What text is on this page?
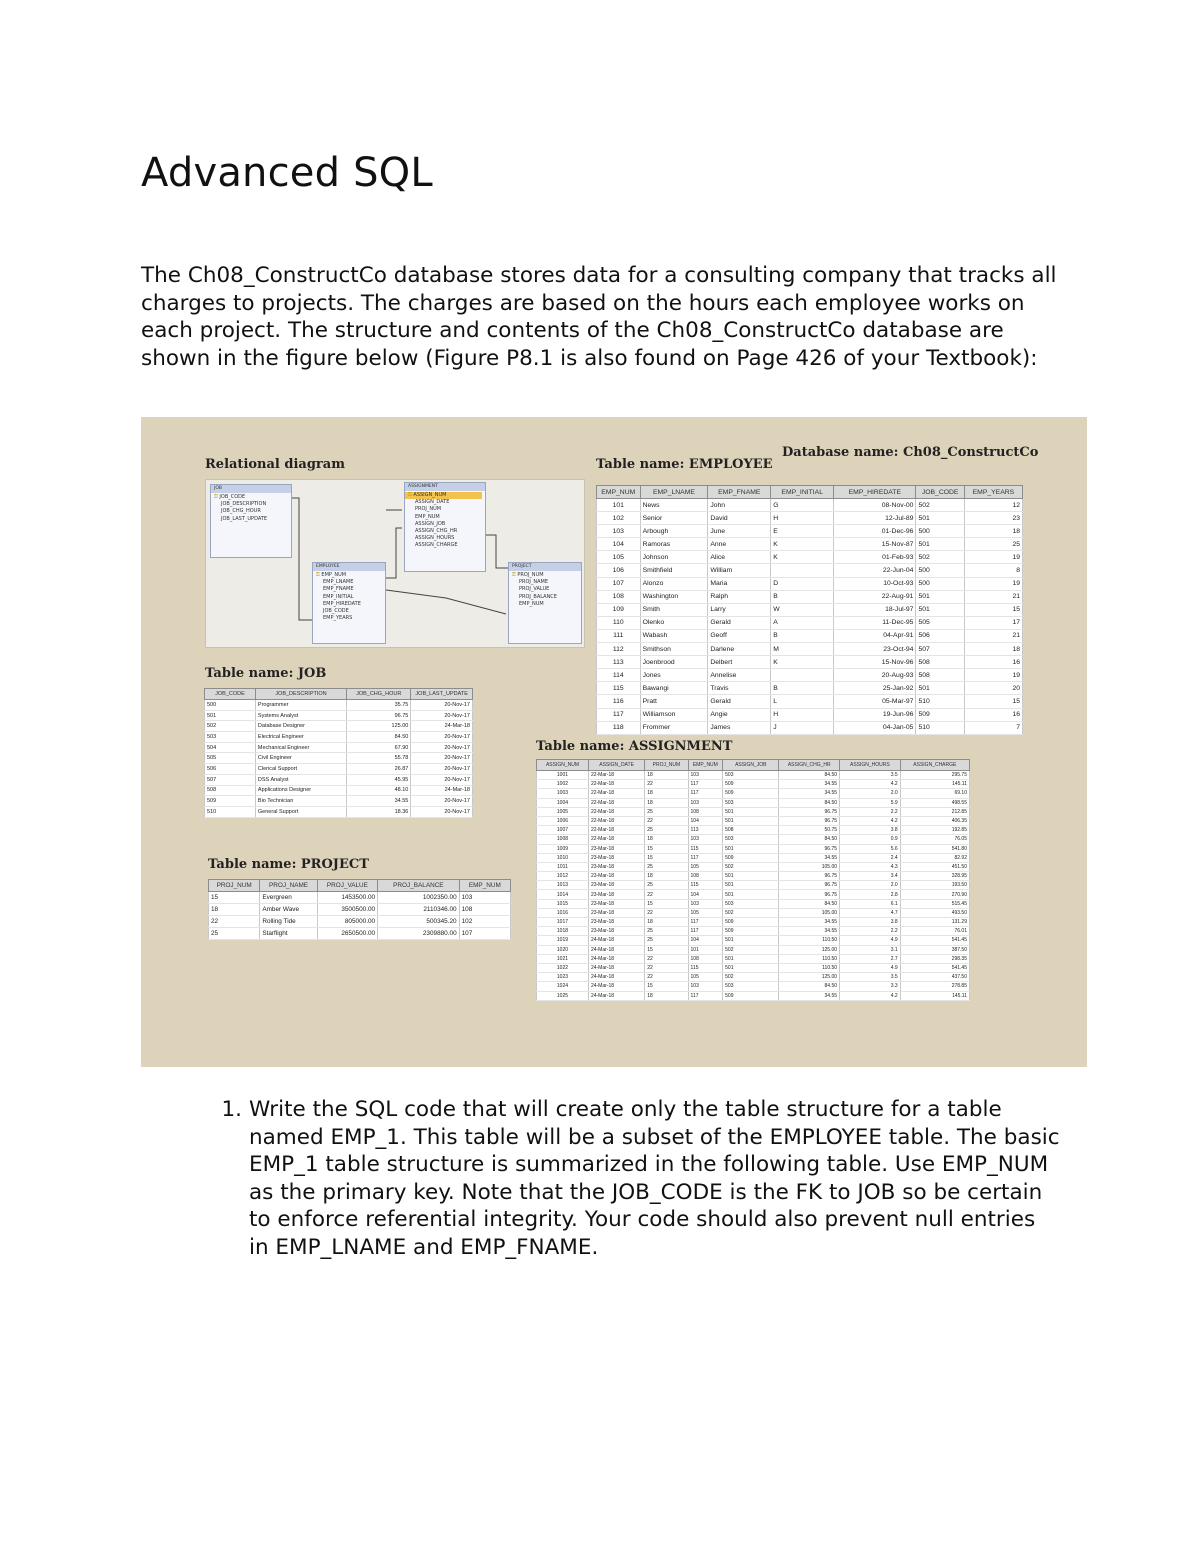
Advanced SQL

The Ch08_ConstructCo database stores data for a consulting company that tracks all charges to projects. The charges are based on the hours each employee works on each project. The structure and contents of the Ch08_ConstructCo database are shown in the figure below (Figure P8.1 is also found on Page 426 of your Textbook):

Relational diagram
Database name: Ch08_ConstructCo
Table name: EMPLOYEE
Table name: JOB
Table name: PROJECT
Table name: ASSIGNMENT
JOB
⚿ JOB_CODE
JOB_DESCRIPTION
JOB_CHG_HOUR
JOB_LAST_UPDATE
EMPLOYEE
⚿ EMP_NUM
EMP_LNAME
EMP_FNAME
EMP_INITIAL
EMP_HIREDATE
JOB_CODE
EMP_YEARS
ASSIGNMENT
⚿ ASSIGN_NUM
ASSIGN_DATE
PROJ_NUM
EMP_NUM
ASSIGN_JOB
ASSIGN_CHG_HR
ASSIGN_HOURS
ASSIGN_CHARGE
PROJECT
⚿ PROJ_NUM
PROJ_NAME
PROJ_VALUE
PROJ_BALANCE
EMP_NUM
EMP_NUM	EMP_LNAME	EMP_FNAME	EMP_INITIAL	EMP_HIREDATE	JOB_CODE	EMP_YEARS
101	News	John	G	08-Nov-00	502	12
102	Senior	David	H	12-Jul-89	501	23
103	Arbough	June	E	01-Dec-96	500	18
104	Ramoras	Anne	K	15-Nov-87	501	25
105	Johnson	Alice	K	01-Feb-93	502	19
106	Smithfield	William		22-Jun-04	500	8
107	Alonzo	Maria	D	10-Oct-93	500	19
108	Washington	Ralph	B	22-Aug-91	501	21
109	Smith	Larry	W	18-Jul-97	501	15
110	Olenko	Gerald	A	11-Dec-95	505	17
111	Wabash	Geoff	B	04-Apr-91	506	21
112	Smithson	Darlene	M	23-Oct-94	507	18
113	Joenbrood	Delbert	K	15-Nov-96	508	16
114	Jones	Annelise		20-Aug-93	508	19
115	Bawangi	Travis	B	25-Jan-92	501	20
116	Pratt	Gerald	L	05-Mar-97	510	15
117	Williamson	Angie	H	19-Jun-96	509	16
118	Frommer	James	J	04-Jan-05	510	7
JOB_CODE	JOB_DESCRIPTION	JOB_CHG_HOUR	JOB_LAST_UPDATE
500	Programmer	35.75	20-Nov-17
501	Systems Analyst	96.75	20-Nov-17
502	Database Designer	125.00	24-Mar-18
503	Electrical Engineer	84.50	20-Nov-17
504	Mechanical Engineer	67.90	20-Nov-17
505	Civil Engineer	55.78	20-Nov-17
506	Clerical Support	26.87	20-Nov-17
507	DSS Analyst	45.95	20-Nov-17
508	Applications Designer	48.10	24-Mar-18
509	Bio Technician	34.55	20-Nov-17
510	General Support	18.36	20-Nov-17
PROJ_NUM	PROJ_NAME	PROJ_VALUE	PROJ_BALANCE	EMP_NUM
15	Evergreen	1453500.00	1002350.00	103
18	Amber Wave	3500500.00	2110346.00	108
22	Rolling Tide	805000.00	500345.20	102
25	Starflight	2650500.00	2309880.00	107
ASSIGN_NUM	ASSIGN_DATE	PROJ_NUM	EMP_NUM	ASSIGN_JOB	ASSIGN_CHG_HR	ASSIGN_HOURS	ASSIGN_CHARGE
1001	22-Mar-18	18	103	503	84.50	3.5	295.75
1002	22-Mar-18	22	117	509	34.55	4.2	145.11
1003	22-Mar-18	18	117	509	34.55	2.0	69.10
1004	22-Mar-18	18	103	503	84.50	5.9	498.55
1005	22-Mar-18	25	108	501	96.75	2.2	212.85
1006	22-Mar-18	22	104	501	96.75	4.2	406.35
1007	22-Mar-18	25	113	508	50.75	3.8	192.85
1008	22-Mar-18	18	103	503	84.50	0.9	76.05
1009	23-Mar-18	15	115	501	96.75	5.6	541.80
1010	23-Mar-18	15	117	509	34.55	2.4	82.92
1011	23-Mar-18	25	105	502	105.00	4.3	451.50
1012	23-Mar-18	18	108	501	96.75	3.4	328.95
1013	23-Mar-18	25	115	501	96.75	2.0	193.50
1014	23-Mar-18	22	104	501	96.75	2.8	270.90
1015	23-Mar-18	15	103	503	84.50	6.1	515.45
1016	23-Mar-18	22	105	502	105.00	4.7	493.50
1017	23-Mar-18	18	117	509	34.55	3.8	131.29
1018	23-Mar-18	25	117	509	34.55	2.2	76.01
1019	24-Mar-18	25	104	501	110.50	4.9	541.45
1020	24-Mar-18	15	101	502	125.00	3.1	387.50
1021	24-Mar-18	22	108	501	110.50	2.7	298.35
1022	24-Mar-18	22	115	501	110.50	4.9	541.45
1023	24-Mar-18	22	105	502	125.00	3.5	437.50
1024	24-Mar-18	15	103	503	84.50	3.3	278.85
1025	24-Mar-18	18	117	509	34.55	4.2	145.11
1. Write the SQL code that will create only the table structure for a table named EMP_1. This table will be a subset of the EMPLOYEE table. The basic EMP_1 table structure is summarized in the following table. Use EMP_NUM as the primary key. Note that the JOB_CODE is the FK to JOB so be certain to enforce referential integrity. Your code should also prevent null entries in EMP_LNAME and EMP_FNAME.
